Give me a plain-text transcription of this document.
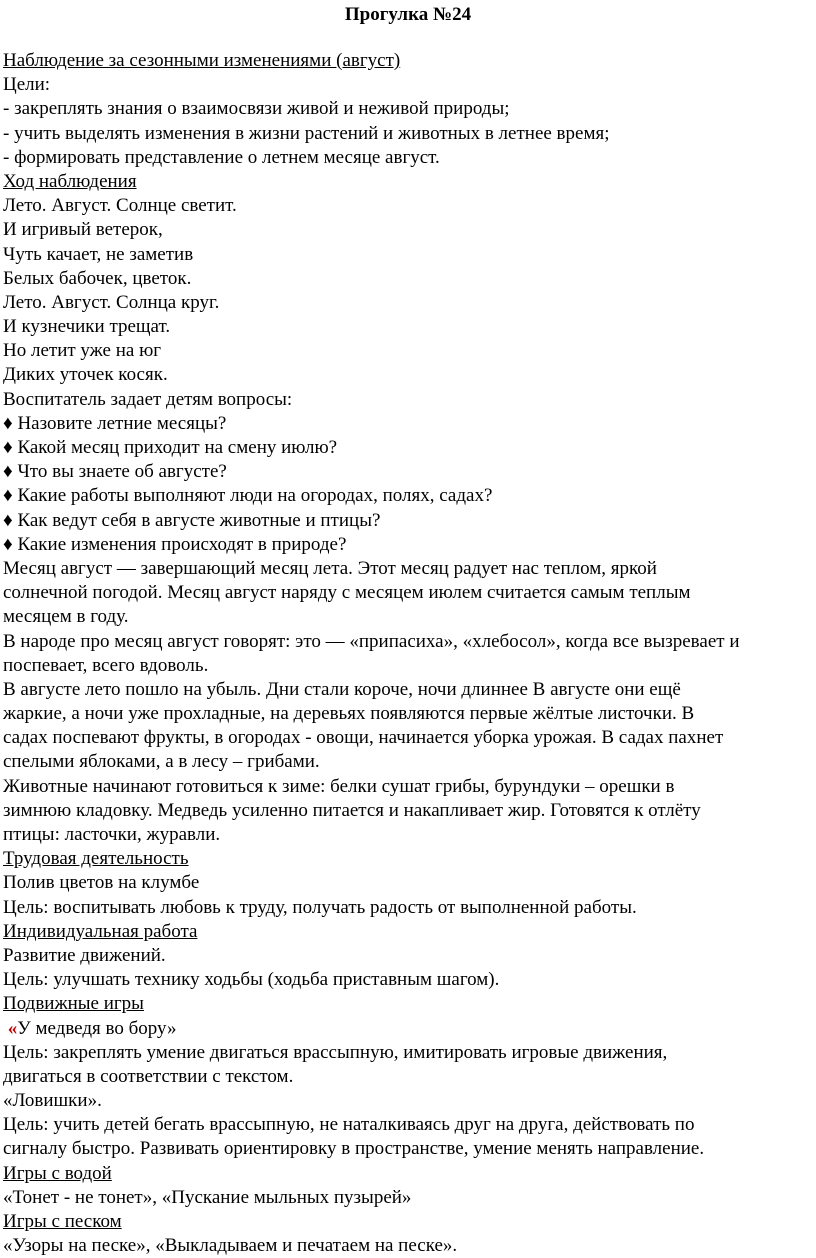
Прогулка №24
Наблюдение за сезонными изменениями (август)
Цели:
- закреплять знания о взаимосвязи живой и неживой природы;
- учить выделять изменения в жизни растений и животных в летнее время;
- формировать представление о летнем месяце август.
Ход наблюдения
Лето. Август. Солнце светит.
И игривый ветерок,
Чуть качает, не заметив
Белых бабочек, цветок.
Лето. Август. Солнца круг.
И кузнечики трещат.
Но летит уже на юг
Диких уточек косяк.
Воспитатель задает детям вопросы:
♦ Назовите летние месяцы?
♦ Какой месяц приходит на смену июлю?
♦ Что вы знаете об августе?
♦ Какие работы выполняют люди на огородах, полях, садах?
♦ Как ведут себя в августе животные и птицы?
♦ Какие изменения происходят в природе?
Месяц август — завершающий месяц лета. Этот месяц радует нас теплом, яркой
солнечной погодой. Месяц август наряду с месяцем июлем считается самым теплым
месяцем в году.
В народе про месяц август говорят: это — «припасиха», «хлебосол», когда все вызревает и
поспевает, всего вдоволь.
В августе лето пошло на убыль. Дни стали короче, ночи длиннее В августе они ещё
жаркие, а ночи уже прохладные, на деревьях появляются первые жёлтые листочки. В
садах поспевают фрукты, в огородах - овощи, начинается уборка урожая. В садах пахнет
спелыми яблоками, а в лесу – грибами.
Животные начинают готовиться к зиме: белки сушат грибы, бурундуки – орешки в
зимнюю кладовку. Медведь усиленно питается и накапливает жир. Готовятся к отлёту
птицы: ласточки, журавли.
Трудовая деятельность
Полив цветов на клумбе
Цель: воспитывать любовь к труду, получать радость от выполненной работы.
Индивидуальная работа
Развитие движений.
Цель: улучшать технику ходьбы (ходьба приставным шагом).
Подвижные игры
«У медведя во бору»
Цель: закреплять умение двигаться врассыпную, имитировать игровые движения,
двигаться в соответствии с текстом.
«Ловишки».
Цель: учить детей бегать врассыпную, не наталкиваясь друг на друга, действовать по
сигналу быстро. Развивать ориентировку в пространстве, умение менять направление.
Игры с водой
«Тонет - не тонет», «Пускание мыльных пузырей»
Игры с песком
«Узоры на песке», «Выкладываем и печатаем на песке».
